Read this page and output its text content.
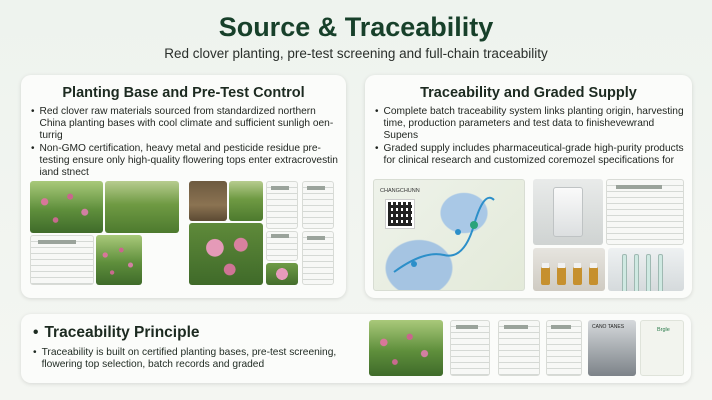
Source & Traceability
Red clover planting, pre-test screening and full-chain traceability
Planting Base and Pre-Test Control
• Red clover raw materials sourced from standardized northern China planting bases with cool climate and sufficient sunligh oen-turrig
• Non-GMO certification, heavy metal and pesticide residue pre-testing ensure only high-quality flowering tops enter extracrovestin iand stnect
Traceability and Graded Supply
• Complete batch traceability system links planting origin, harvesting time, production parameters and test data to finishevewrand Supens
• Graded supply includes pharmaceutical-grade high-purity products for clinical research and customized coremozel specifications for
CHANGCHUNN
• Traceability Principle
• Traceability is built on certified planting bases, pre-test screening, flowering top selection, batch records and graded
CANO TANES	Brgle
